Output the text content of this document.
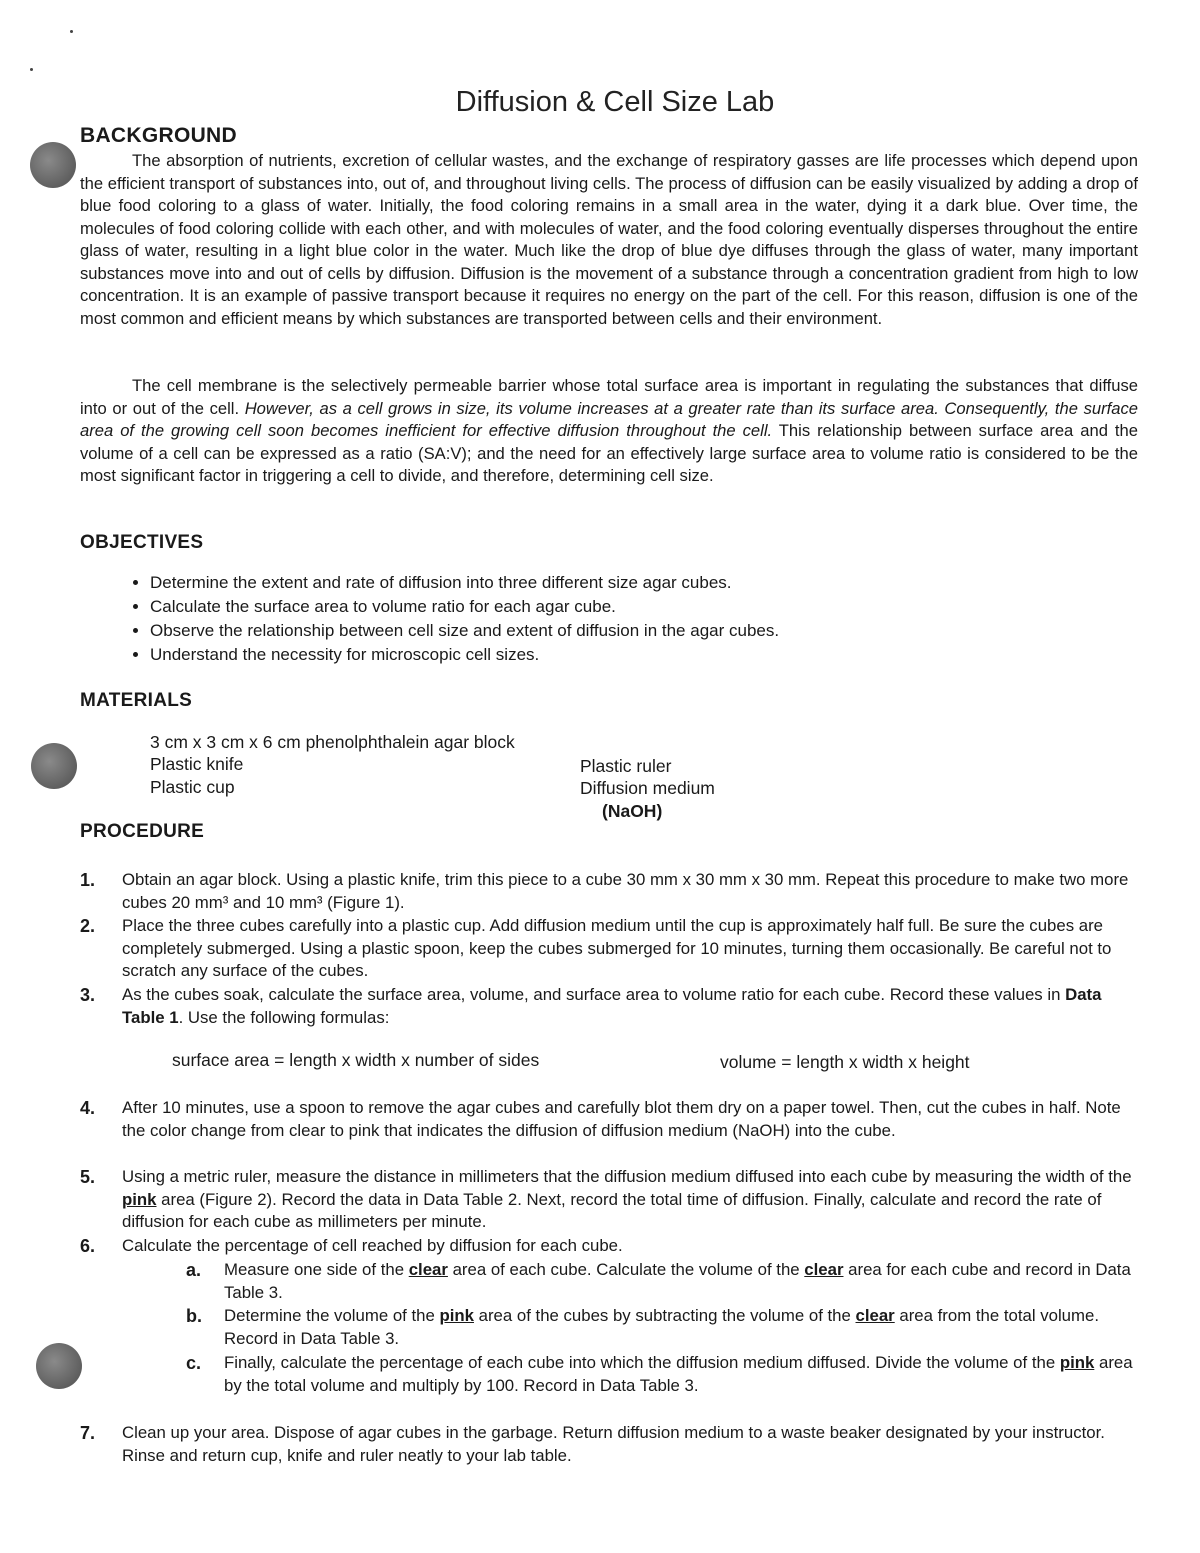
Diffusion & Cell Size Lab
BACKGROUND
The absorption of nutrients, excretion of cellular wastes, and the exchange of respiratory gasses are life processes which depend upon the efficient transport of substances into, out of, and throughout living cells. The process of diffusion can be easily visualized by adding a drop of blue food coloring to a glass of water. Initially, the food coloring remains in a small area in the water, dying it a dark blue. Over time, the molecules of food coloring collide with each other, and with molecules of water, and the food coloring eventually disperses throughout the entire glass of water, resulting in a light blue color in the water. Much like the drop of blue dye diffuses through the glass of water, many important substances move into and out of cells by diffusion. Diffusion is the movement of a substance through a concentration gradient from high to low concentration. It is an example of passive transport because it requires no energy on the part of the cell. For this reason, diffusion is one of the most common and efficient means by which substances are transported between cells and their environment.
The cell membrane is the selectively permeable barrier whose total surface area is important in regulating the substances that diffuse into or out of the cell. However, as a cell grows in size, its volume increases at a greater rate than its surface area. Consequently, the surface area of the growing cell soon becomes inefficient for effective diffusion throughout the cell. This relationship between surface area and the volume of a cell can be expressed as a ratio (SA:V); and the need for an effectively large surface area to volume ratio is considered to be the most significant factor in triggering a cell to divide, and therefore, determining cell size.
OBJECTIVES
• Determine the extent and rate of diffusion into three different size agar cubes.
• Calculate the surface area to volume ratio for each agar cube.
• Observe the relationship between cell size and extent of diffusion in the agar cubes.
• Understand the necessity for microscopic cell sizes.
MATERIALS
3 cm x 3 cm x 6 cm phenolphthalein agar block
Plastic knife
Plastic cup
Plastic ruler
Diffusion medium
(NaOH)
PROCEDURE
1. Obtain an agar block. Using a plastic knife, trim this piece to a cube 30 mm x 30 mm x 30 mm. Repeat this procedure to make two more cubes 20 mm³ and 10 mm³ (Figure 1).
2. Place the three cubes carefully into a plastic cup. Add diffusion medium until the cup is approximately half full. Be sure the cubes are completely submerged. Using a plastic spoon, keep the cubes submerged for 10 minutes, turning them occasionally. Be careful not to scratch any surface of the cubes.
3. As the cubes soak, calculate the surface area, volume, and surface area to volume ratio for each cube. Record these values in Data Table 1. Use the following formulas:
surface area = length x width x number of sides	volume = length x width x height
4. After 10 minutes, use a spoon to remove the agar cubes and carefully blot them dry on a paper towel. Then, cut the cubes in half. Note the color change from clear to pink that indicates the diffusion of diffusion medium (NaOH) into the cube.
5. Using a metric ruler, measure the distance in millimeters that the diffusion medium diffused into each cube by measuring the width of the pink area (Figure 2). Record the data in Data Table 2. Next, record the total time of diffusion. Finally, calculate and record the rate of diffusion for each cube as millimeters per minute.
6. Calculate the percentage of cell reached by diffusion for each cube.
a. Measure one side of the clear area of each cube. Calculate the volume of the clear area for each cube and record in Data Table 3.
b. Determine the volume of the pink area of the cubes by subtracting the volume of the clear area from the total volume. Record in Data Table 3.
c. Finally, calculate the percentage of each cube into which the diffusion medium diffused. Divide the volume of the pink area by the total volume and multiply by 100. Record in Data Table 3.
7. Clean up your area. Dispose of agar cubes in the garbage. Return diffusion medium to a waste beaker designated by your instructor. Rinse and return cup, knife and ruler neatly to your lab table.
